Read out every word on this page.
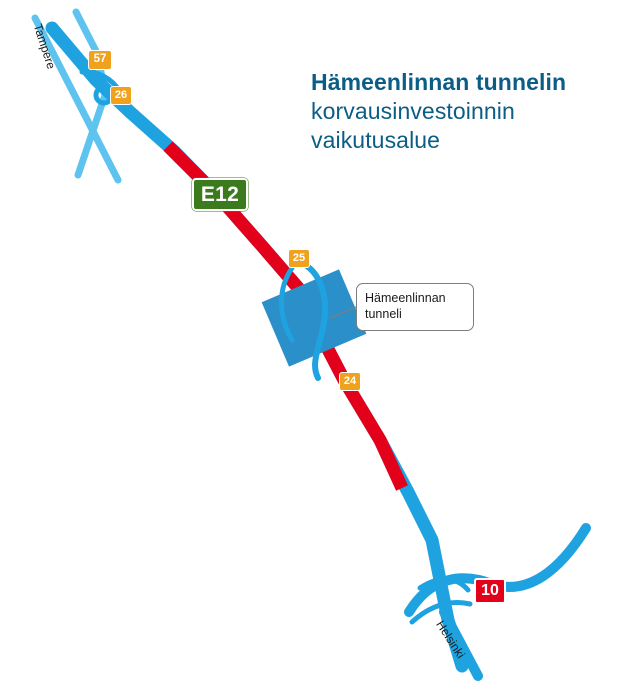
Hämeenlinnan tunnelin
korvausinvestoinnin
vaikutusalue
Hämeenlinnan
tunneli
E12
10
57
26
25
24
Tampere
Helsinki
